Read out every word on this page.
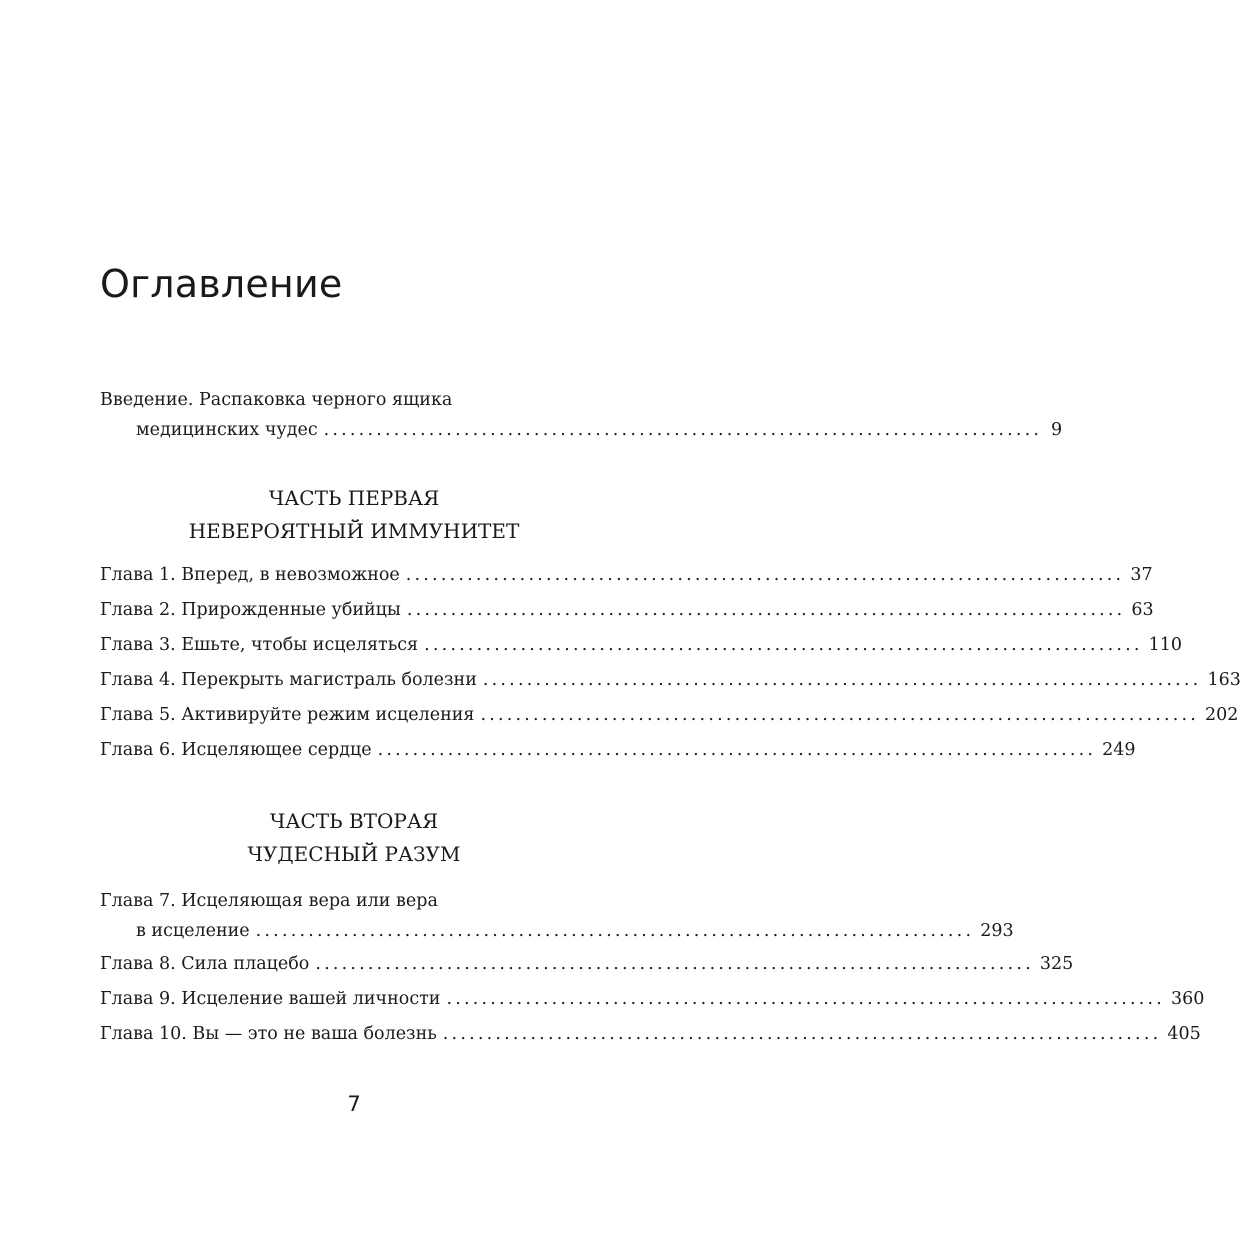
Оглавление
Введение. Распаковка черного ящика
медицинских чудес .................................................................................. 9
ЧАСТЬ ПЕРВАЯ
НЕВЕРОЯТНЫЙ ИММУНИТЕТ
Глава 1. Вперед, в невозможное .................................................................................. 37
Глава 2. Прирожденные убийцы .................................................................................. 63
Глава 3. Ешьте, чтобы исцеляться .................................................................................. 110
Глава 4. Перекрыть магистраль болезни .................................................................................. 163
Глава 5. Активируйте режим исцеления .................................................................................. 202
Глава 6. Исцеляющее сердце .................................................................................. 249
ЧАСТЬ ВТОРАЯ
ЧУДЕСНЫЙ РАЗУМ
Глава 7. Исцеляющая вера или вера
в исцеление .................................................................................. 293
Глава 8. Сила плацебо .................................................................................. 325
Глава 9. Исцеление вашей личности .................................................................................. 360
Глава 10. Вы — это не ваша болезнь .................................................................................. 405
7
